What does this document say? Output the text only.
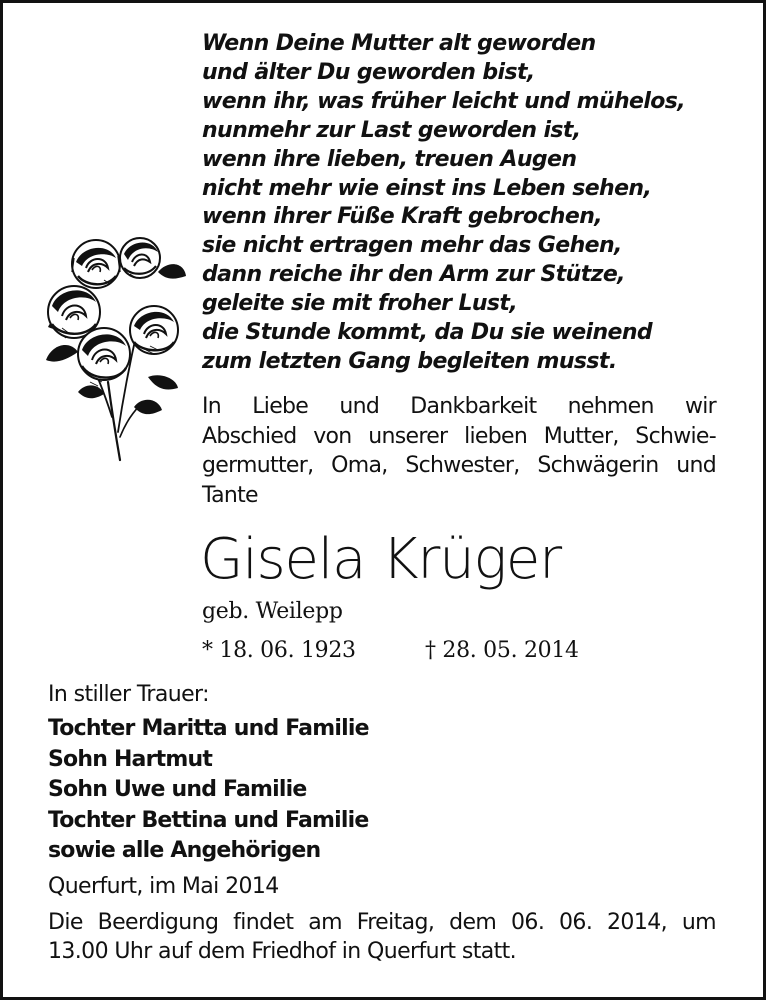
Wenn Deine Mutter alt geworden
und älter Du geworden bist,
wenn ihr, was früher leicht und mühelos,
nunmehr zur Last geworden ist,
wenn ihre lieben, treuen Augen
nicht mehr wie einst ins Leben sehen,
wenn ihrer Füße Kraft gebrochen,
sie nicht ertragen mehr das Gehen,
dann reiche ihr den Arm zur Stütze,
geleite sie mit froher Lust,
die Stunde kommt, da Du sie weinend
zum letzten Gang begleiten musst.
In Liebe und Dankbarkeit nehmen wir
Abschied von unserer lieben Mutter, Schwie-
germutter, Oma, Schwester, Schwägerin und
Tante
Gisela Krüger
geb. Weilepp
* 18. 06. 1923	† 28. 05. 2014
In stiller Trauer:
Tochter Maritta und Familie
Sohn Hartmut
Sohn Uwe und Familie
Tochter Bettina und Familie
sowie alle Angehörigen
Querfurt, im Mai 2014
Die Beerdigung findet am Freitag, dem 06. 06. 2014, um
13.00 Uhr auf dem Friedhof in Querfurt statt.
